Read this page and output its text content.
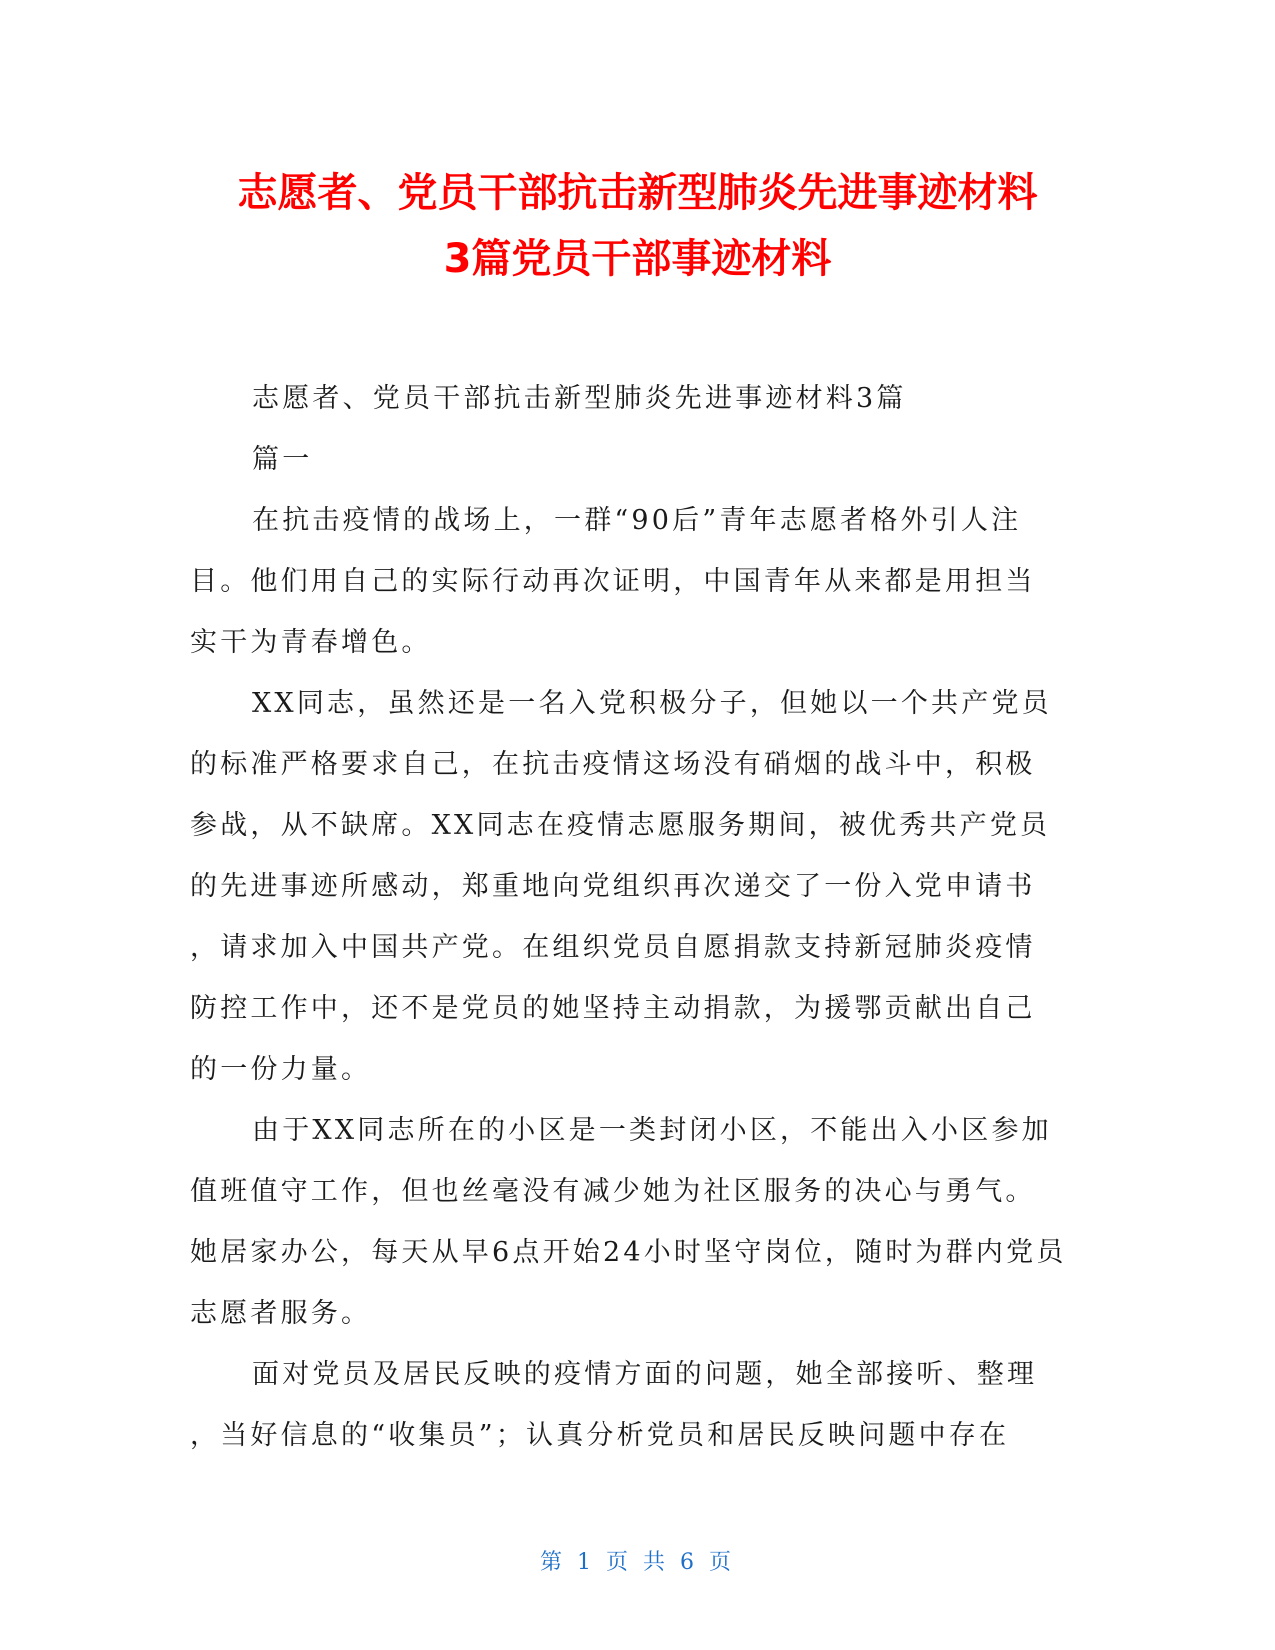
志愿者、党员干部抗击新型肺炎先进事迹材料
3篇党员干部事迹材料
志愿者、党员干部抗击新型肺炎先进事迹材料3篇
篇一
在抗击疫情的战场上，一群“90后”青年志愿者格外引人注
目。他们用自己的实际行动再次证明，中国青年从来都是用担当
实干为青春增色。
XX同志，虽然还是一名入党积极分子，但她以一个共产党员
的标准严格要求自己，在抗击疫情这场没有硝烟的战斗中，积极
参战，从不缺席。XX同志在疫情志愿服务期间，被优秀共产党员
的先进事迹所感动，郑重地向党组织再次递交了一份入党申请书
，请求加入中国共产党。在组织党员自愿捐款支持新冠肺炎疫情
防控工作中，还不是党员的她坚持主动捐款，为援鄂贡献出自己
的一份力量。
由于XX同志所在的小区是一类封闭小区，不能出入小区参加
值班值守工作，但也丝毫没有减少她为社区服务的决心与勇气。
她居家办公，每天从早6点开始24小时坚守岗位，随时为群内党员
志愿者服务。
面对党员及居民反映的疫情方面的问题，她全部接听、整理
，当好信息的“收集员”；认真分析党员和居民反映问题中存在
第 1 页 共 6 页
